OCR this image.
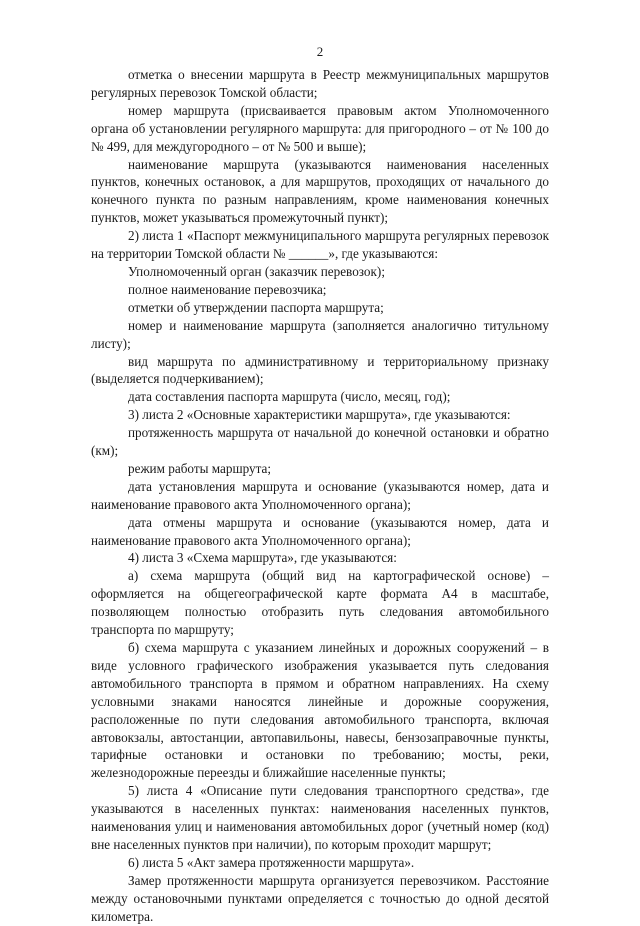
2

отметка о внесении маршрута в Реестр межмуниципальных маршрутов регулярных перевозок Томской области;

номер маршрута (присваивается правовым актом Уполномоченного органа об установлении регулярного маршрута: для пригородного – от № 100 до № 499, для междугородного – от № 500 и выше);

наименование маршрута (указываются наименования населенных пунктов, конечных остановок, а для маршрутов, проходящих от начального до конечного пункта по разным направлениям, кроме наименования конечных пунктов, может указываться промежуточный пункт);

2) листа 1 «Паспорт межмуниципального маршрута регулярных перевозок на территории Томской области № ______», где указываются:

Уполномоченный орган (заказчик перевозок);

полное наименование перевозчика;

отметки об утверждении паспорта маршрута;

номер и наименование маршрута (заполняется аналогично титульному листу);

вид маршрута по административному и территориальному признаку (выделяется подчеркиванием);

дата составления паспорта маршрута (число, месяц, год);

3) листа 2 «Основные характеристики маршрута», где указываются:

протяженность маршрута от начальной до конечной остановки и обратно (км);

режим работы маршрута;

дата установления маршрута и основание (указываются номер, дата и наименование правового акта Уполномоченного органа);

дата отмены маршрута и основание (указываются номер, дата и наименование правового акта Уполномоченного органа);

4) листа 3 «Схема маршрута», где указываются:

а) схема маршрута (общий вид на картографической основе) – оформляется на общегеографической карте формата А4 в масштабе, позволяющем полностью отобразить путь следования автомобильного транспорта по маршруту;

б) схема маршрута с указанием линейных и дорожных сооружений – в виде условного графического изображения указывается путь следования автомобильного транспорта в прямом и обратном направлениях. На схему условными знаками наносятся линейные и дорожные сооружения, расположенные по пути следования автомобильного транспорта, включая автовокзалы, автостанции, автопавильоны, навесы, бензозаправочные пункты, тарифные остановки и остановки по требованию; мосты, реки, железнодорожные переезды и ближайшие населенные пункты;

5) листа 4 «Описание пути следования транспортного средства», где указываются в населенных пунктах: наименования населенных пунктов, наименования улиц и наименования автомобильных дорог (учетный номер (код) вне населенных пунктов при наличии), по которым проходит маршрут;

6) листа 5 «Акт замера протяженности маршрута».

Замер протяженности маршрута организуется перевозчиком. Расстояние между остановочными пунктами определяется с точностью до одной десятой километра.
